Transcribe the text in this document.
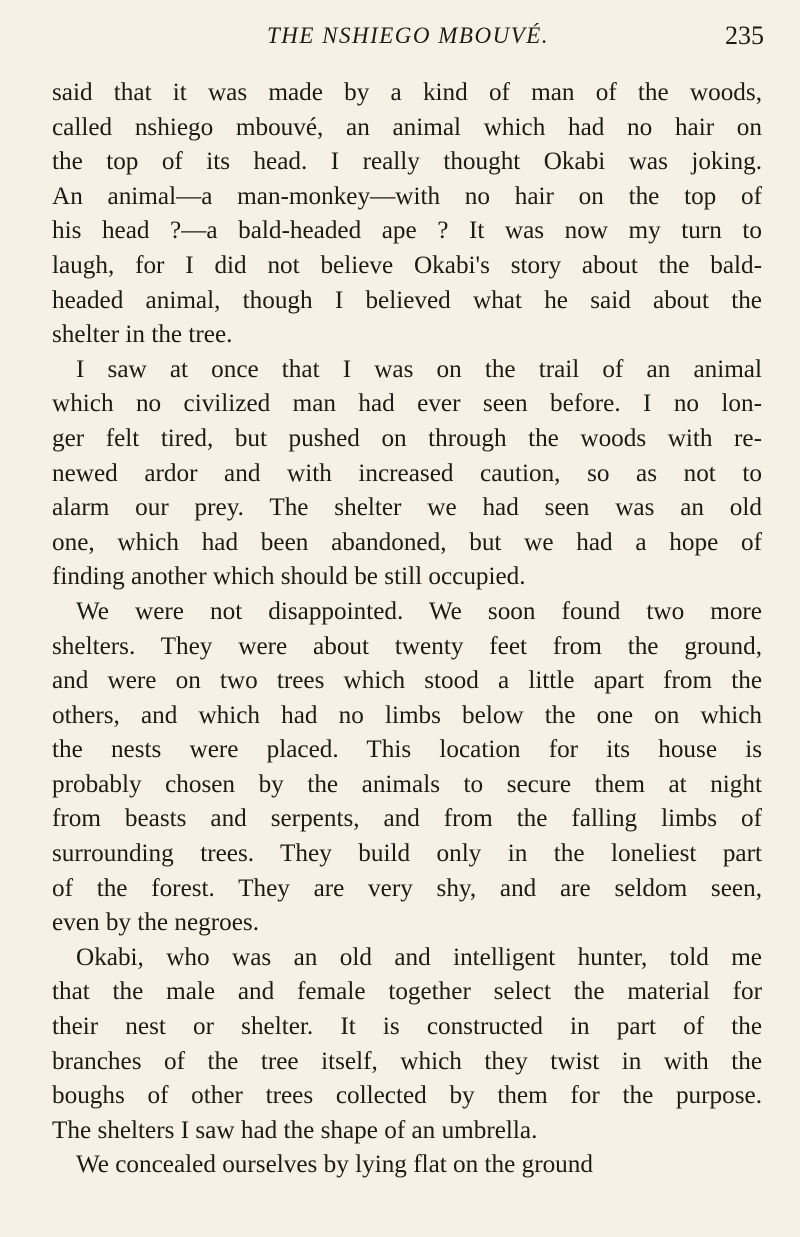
THE NSHIEGO MBOUVÉ.	235

said that it was made by a kind of man of the woods,
called nshiego mbouvé, an animal which had no hair on
the top of its head. I really thought Okabi was joking.
An animal—a man-monkey—with no hair on the top of
his head ?—a bald-headed ape ? It was now my turn to
laugh, for I did not believe Okabi's story about the bald-
headed animal, though I believed what he said about the
shelter in the tree.

I saw at once that I was on the trail of an animal
which no civilized man had ever seen before. I no lon-
ger felt tired, but pushed on through the woods with re-
newed ardor and with increased caution, so as not to
alarm our prey. The shelter we had seen was an old
one, which had been abandoned, but we had a hope of
finding another which should be still occupied.

We were not disappointed. We soon found two more
shelters. They were about twenty feet from the ground,
and were on two trees which stood a little apart from the
others, and which had no limbs below the one on which
the nests were placed. This location for its house is
probably chosen by the animals to secure them at night
from beasts and serpents, and from the falling limbs of
surrounding trees. They build only in the loneliest part
of the forest. They are very shy, and are seldom seen,
even by the negroes.

Okabi, who was an old and intelligent hunter, told me
that the male and female together select the material for
their nest or shelter. It is constructed in part of the
branches of the tree itself, which they twist in with the
boughs of other trees collected by them for the purpose.
The shelters I saw had the shape of an umbrella.

We concealed ourselves by lying flat on the ground
